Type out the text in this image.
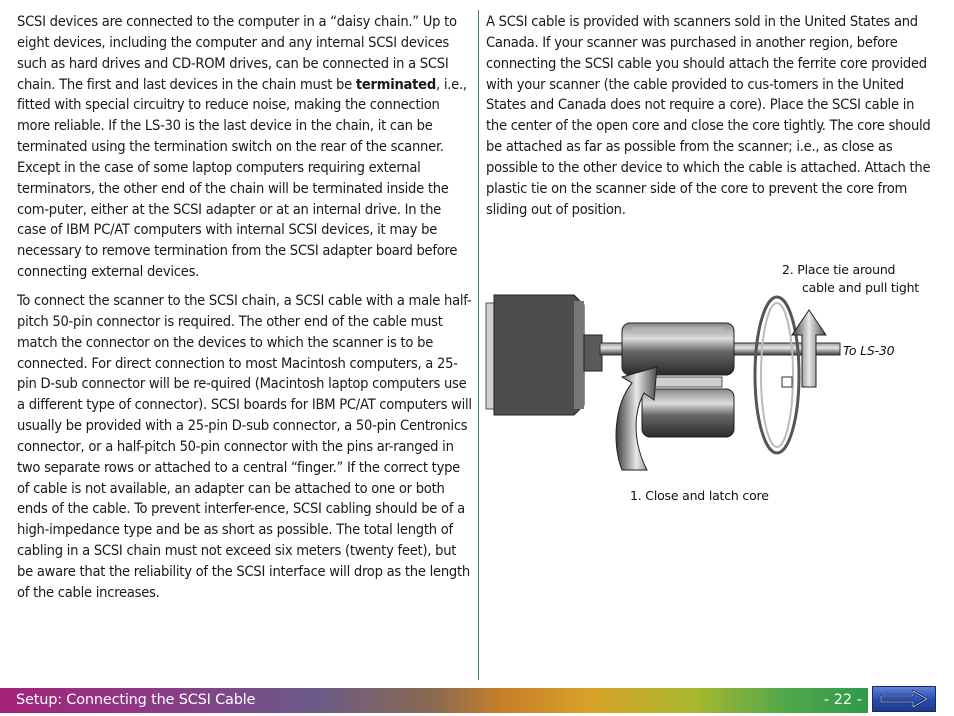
SCSI devices are connected to the computer in a “daisy chain.” Up to eight devices, including the computer and any internal SCSI devices such as hard drives and CD-ROM drives, can be connected in a SCSI chain. The first and last devices in the chain must be terminated, i.e., fitted with special circuitry to reduce noise, making the connection more reliable. If the LS-30 is the last device in the chain, it can be terminated using the termination switch on the rear of the scanner. Except in the case of some laptop computers requiring external terminators, the other end of the chain will be terminated inside the com-puter, either at the SCSI adapter or at an internal drive. In the case of IBM PC/AT computers with internal SCSI devices, it may be necessary to remove termination from the SCSI adapter board before connecting external devices.

To connect the scanner to the SCSI chain, a SCSI cable with a male half-pitch 50-pin connector is required. The other end of the cable must match the connector on the devices to which the scanner is to be connected. For direct connection to most Macintosh computers, a 25-pin D-sub connector will be re-quired (Macintosh laptop computers use a different type of connector). SCSI boards for IBM PC/AT computers will usually be provided with a 25-pin D-sub connector, a 50-pin Centronics connector, or a half-pitch 50-pin connector with the pins ar-ranged in two separate rows or attached to a central “finger.” If the correct type of cable is not available, an adapter can be attached to one or both ends of the cable. To prevent interfer-ence, SCSI cabling should be of a high-impedance type and be as short as possible. The total length of cabling in a SCSI chain must not exceed six meters (twenty feet), but be aware that the reliability of the SCSI interface will drop as the length of the cable increases.

A SCSI cable is provided with scanners sold in the United States and Canada. If your scanner was purchased in another region, before connecting the SCSI cable you should attach the ferrite core provided with your scanner (the cable provided to cus-tomers in the United States and Canada does not require a core). Place the SCSI cable in the center of the open core and close the core tightly. The core should be attached as far as possible from the scanner; i.e., as close as possible to the other device to which the cable is attached. Attach the plastic tie on the scanner side of the core to prevent the core from sliding out of position.

2. Place tie around
cable and pull tight
To LS-30
1. Close and latch core
Setup: Connecting the SCSI Cable	- 22 -
